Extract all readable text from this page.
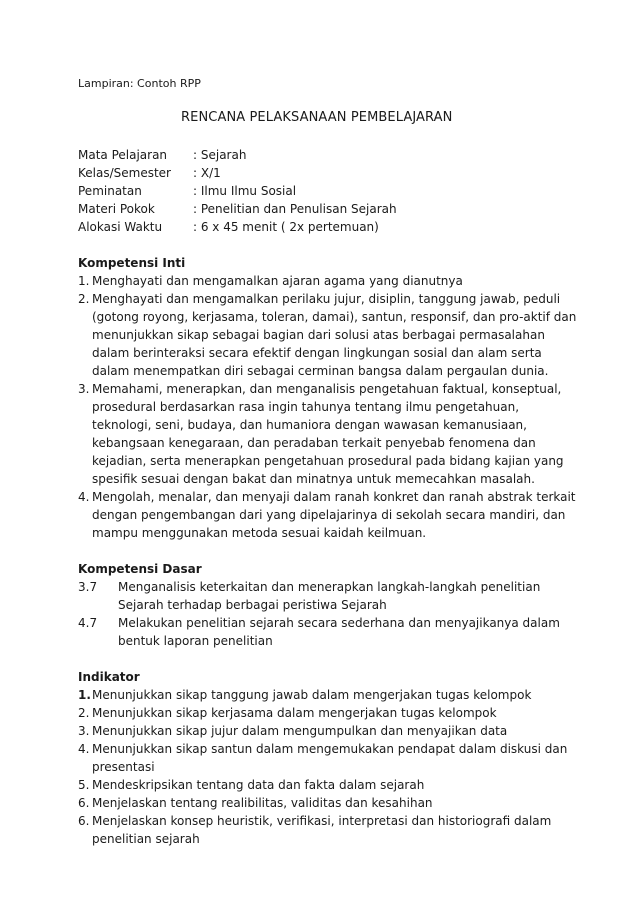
Lampiran: Contoh RPP
RENCANA PELAKSANAAN PEMBELAJARAN
Mata Pelajaran	: Sejarah
Kelas/Semester	: X/1
Peminatan	: Ilmu Ilmu Sosial
Materi Pokok	: Penelitian dan Penulisan Sejarah
Alokasi Waktu	: 6 x 45 menit ( 2x pertemuan)
Kompetensi Inti
1. Menghayati dan mengamalkan ajaran agama yang dianutnya
2. Menghayati dan mengamalkan perilaku jujur, disiplin, tanggung jawab, peduli (gotong royong, kerjasama, toleran, damai), santun, responsif, dan pro-aktif dan menunjukkan sikap sebagai bagian dari solusi atas berbagai permasalahan dalam berinteraksi secara efektif dengan lingkungan sosial dan alam serta dalam menempatkan diri sebagai cerminan bangsa dalam pergaulan dunia.
3. Memahami, menerapkan, dan menganalisis pengetahuan faktual, konseptual, prosedural berdasarkan rasa ingin tahunya tentang ilmu pengetahuan, teknologi, seni, budaya, dan humaniora dengan wawasan kemanusiaan, kebangsaan kenegaraan, dan peradaban terkait penyebab fenomena dan kejadian, serta menerapkan pengetahuan prosedural pada bidang kajian yang spesifik sesuai dengan bakat dan minatnya untuk memecahkan masalah.
4. Mengolah, menalar, dan menyaji dalam ranah konkret dan ranah abstrak terkait dengan pengembangan dari yang dipelajarinya di sekolah secara mandiri, dan mampu menggunakan metoda sesuai kaidah keilmuan.
Kompetensi Dasar
3.7	Menganalisis keterkaitan dan menerapkan langkah-langkah penelitian Sejarah terhadap berbagai peristiwa Sejarah
4.7	Melakukan penelitian sejarah secara sederhana dan menyajikanya dalam bentuk laporan penelitian
Indikator
1. Menunjukkan sikap tanggung jawab dalam mengerjakan tugas kelompok
2. Menunjukkan sikap kerjasama dalam mengerjakan tugas kelompok
3. Menunjukkan sikap jujur dalam mengumpulkan dan menyajikan data
4. Menunjukkan sikap santun dalam mengemukakan pendapat dalam diskusi dan presentasi
5. Mendeskripsikan tentang data dan fakta dalam sejarah
6. Menjelaskan tentang realibilitas, validitas dan kesahihan
6. Menjelaskan konsep heuristik, verifikasi, interpretasi dan historiografi dalam penelitian sejarah
